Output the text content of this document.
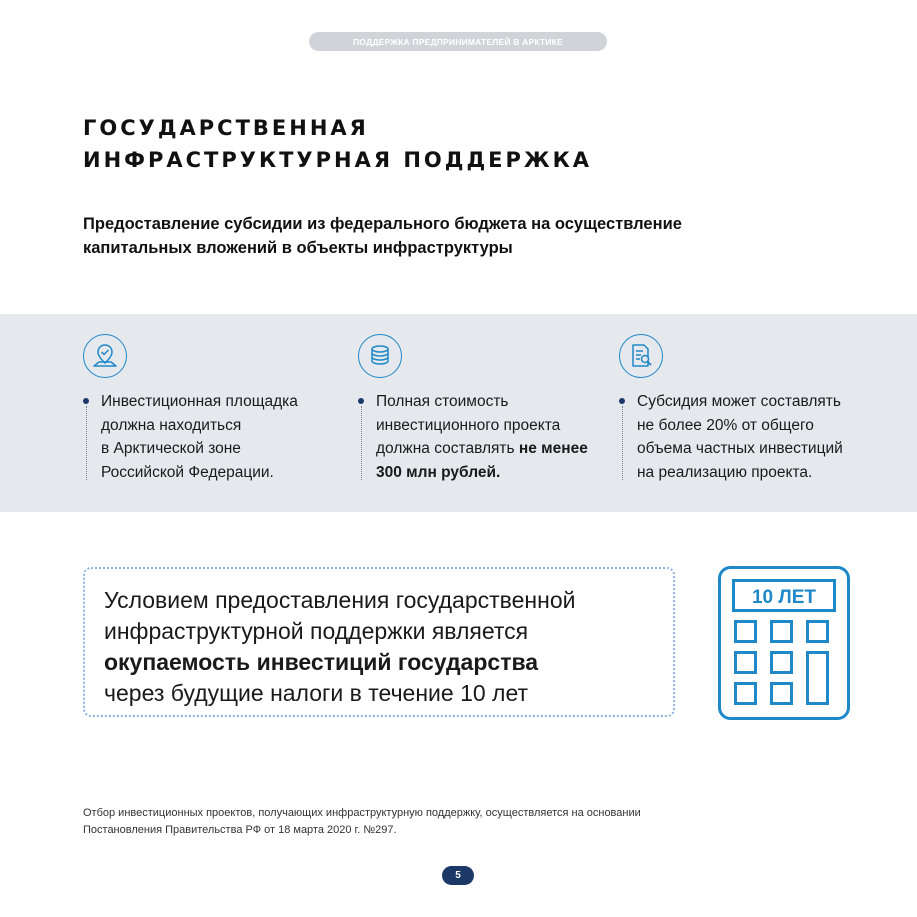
ПОДДЕРЖКА ПРЕДПРИНИМАТЕЛЕЙ В АРКТИКЕ
ГОСУДАРСТВЕННАЯ
ИНФРАСТРУКТУРНАЯ ПОДДЕРЖКА

Предоставление субсидии из федерального бюджета на осуществление
капитальных вложений в объекты инфраструктуры

Инвестиционная площадка
должна находиться
в Арктической зоне
Российской Федерации.
Полная стоимость
инвестиционного проекта
должна составлять не менее
300 млн рублей.
Субсидия может составлять
не более 20% от общего
объема частных инвестиций
на реализацию проекта.

Условием предоставления государственной
инфраструктурной поддержки является
окупаемость инвестиций государства
через будущие налоги в течение 10 лет

10 ЛЕТ

Отбор инвестиционных проектов, получающих инфраструктурную поддержку, осуществляется на основании
Постановления Правительства РФ от 18 марта 2020 г. №297.

5
